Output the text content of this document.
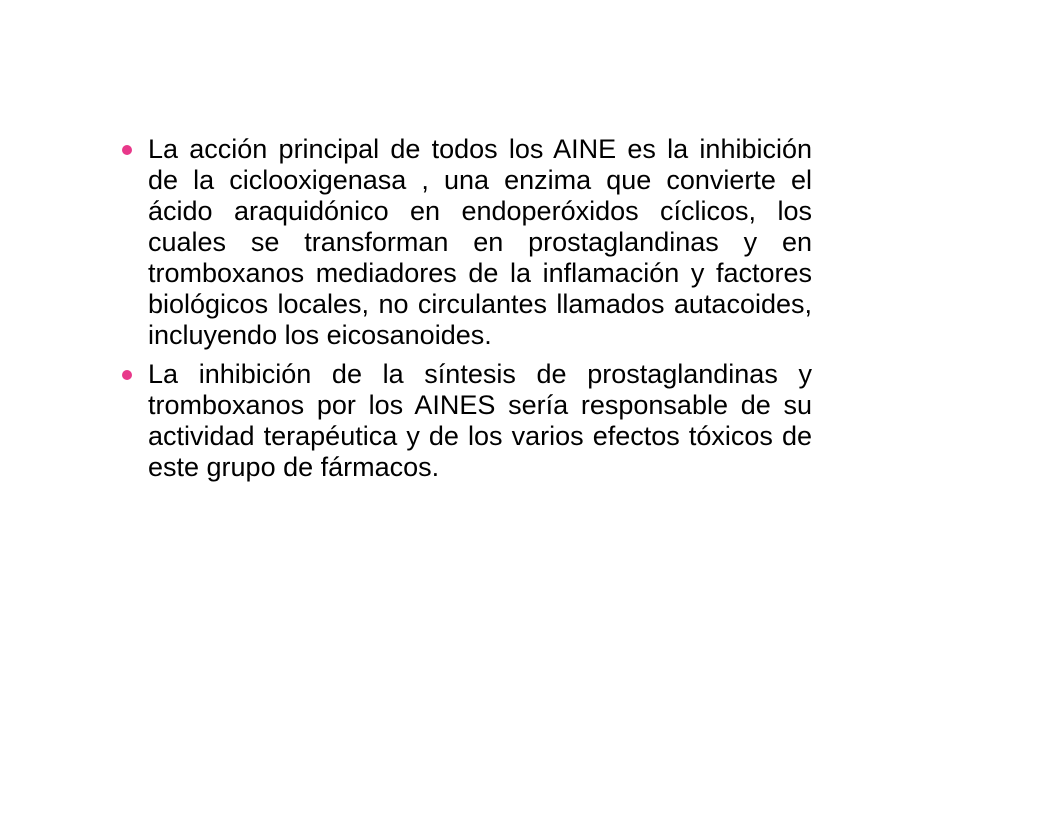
La acción principal de todos los AINE es la inhibición de la ciclooxigenasa , una enzima que convierte el ácido araquidónico en endoperóxidos cíclicos, los cuales se transforman en prostaglandinas y en tromboxanos mediadores de la inflamación y factores biológicos locales, no circulantes llamados autacoides, incluyendo los eicosanoides.
La inhibición de la síntesis de prostaglandinas y tromboxanos por los AINES sería responsable de su actividad terapéutica y de los varios efectos tóxicos de este grupo de fármacos.
